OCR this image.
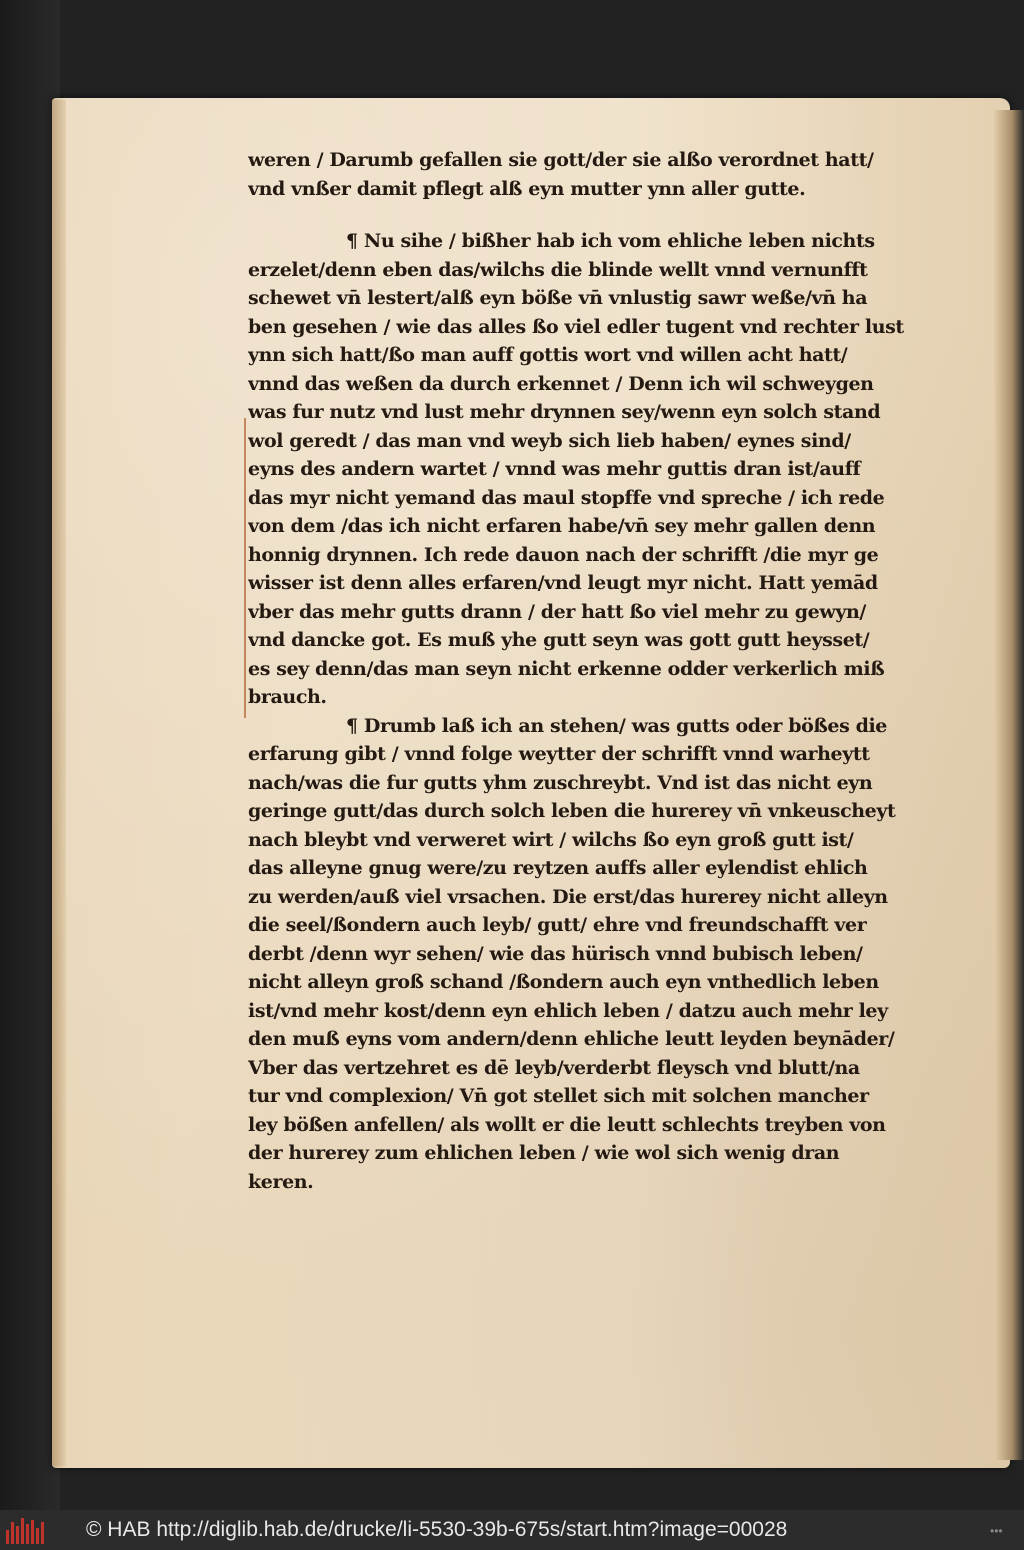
weren / Darumb gefallen sie gott/der sie alßo verordnet hatt/
vnd vnßer damit pflegt alß eyn mutter ynn aller gutte.
¶ Nu sihe / bißher hab ich vom ehliche leben nichts
erzelet/denn eben das/wilchs die blinde wellt vnnd vernunfft
schewet vn̄ lestert/alß eyn böße vn̄ vnlustig sawr weße/vn̄ ha
ben gesehen / wie das alles ßo viel edler tugent vnd rechter lust
ynn sich hatt/ßo man auff gottis wort vnd willen acht hatt/
vnnd das weßen da durch erkennet / Denn ich wil schweygen
was fur nutz vnd lust mehr drynnen sey/wenn eyn solch stand
wol geredt / das man vnd weyb sich lieb haben/ eynes sind/
eyns des andern wartet / vnnd was mehr guttis dran ist/auff
das myr nicht yemand das maul stopffe vnd spreche / ich rede
von dem /das ich nicht erfaren habe/vn̄ sey mehr gallen denn
honnig drynnen. Ich rede dauon nach der schrifft /die myr ge
wisser ist denn alles erfaren/vnd leugt myr nicht. Hatt yemād
vber das mehr gutts drann / der hatt ßo viel mehr zu gewyn/
vnd dancke got. Es muß yhe gutt seyn was gott gutt heysset/
es sey denn/das man seyn nicht erkenne odder verkerlich miß
brauch.
¶ Drumb laß ich an stehen/ was gutts oder bößes die
erfarung gibt / vnnd folge weytter der schrifft vnnd warheytt
nach/was die fur gutts yhm zuschreybt. Vnd ist das nicht eyn
geringe gutt/das durch solch leben die hurerey vn̄ vnkeuscheyt
nach bleybt vnd verweret wirt / wilchs ßo eyn groß gutt ist/
das alleyne gnug were/zu reytzen auffs aller eylendist ehlich
zu werden/auß viel vrsachen. Die erst/das hurerey nicht alleyn
die seel/ßondern auch leyb/ gutt/ ehre vnd freundschafft ver
derbt /denn wyr sehen/ wie das hürisch vnnd bubisch leben/
nicht alleyn groß schand /ßondern auch eyn vnthedlich leben
ist/vnd mehr kost/denn eyn ehlich leben / datzu auch mehr ley
den muß eyns vom andern/denn ehliche leutt leyden beynāder/
Vber das vertzehret es dē leyb/verderbt fleysch vnd blutt/na
tur vnd complexion/ Vn̄ got stellet sich mit solchen mancher
ley bößen anfellen/ als wollt er die leutt schlechts treyben von
der hurerey zum ehlichen leben / wie wol sich wenig dran
keren.
© HAB http://diglib.hab.de/drucke/li-5530-39b-675s/start.htm?image=00028	•••
